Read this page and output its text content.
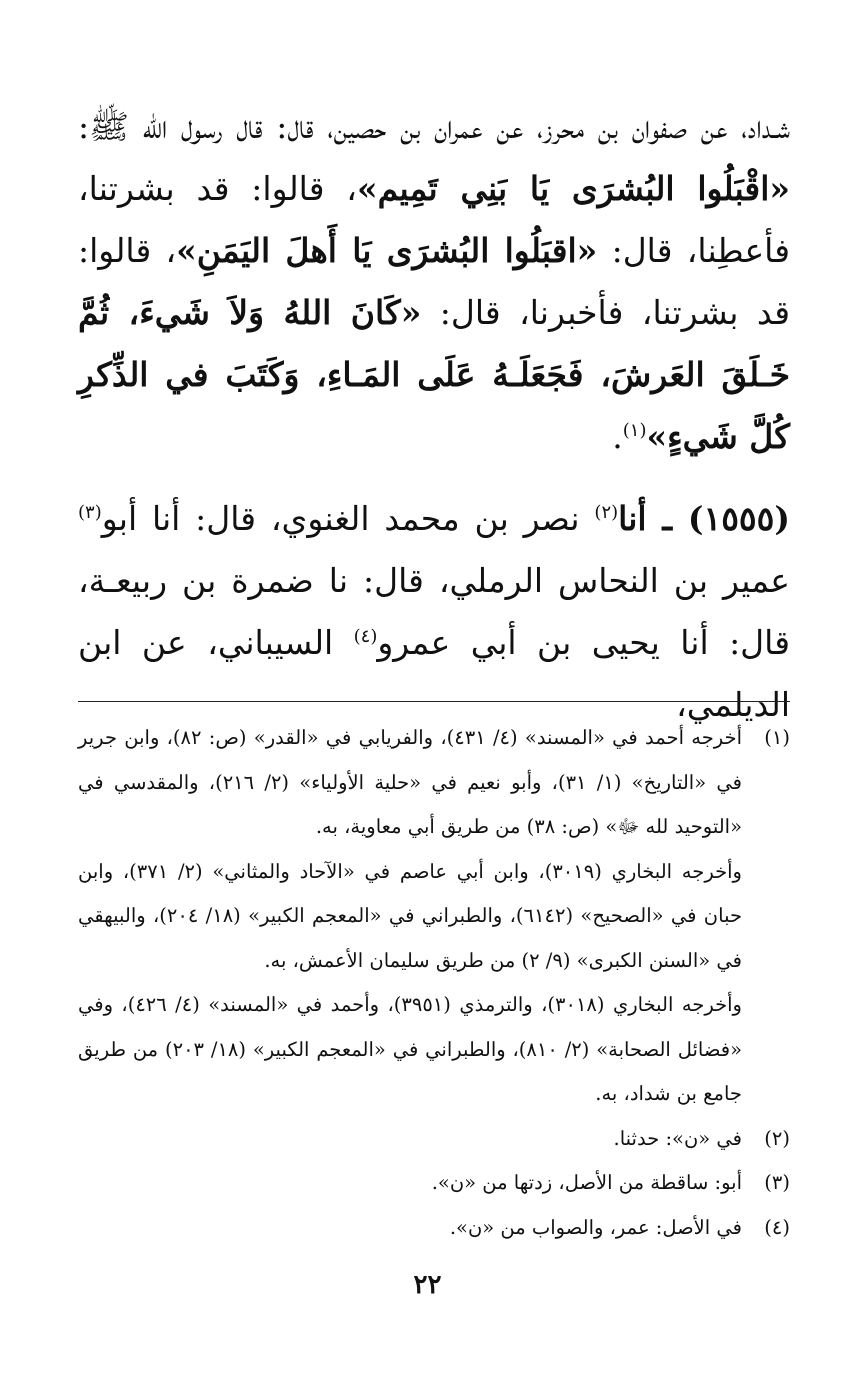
شـداد، عن صفوان بن محرز، عن عمران بن حصين، قال: قال رسول الله ﷺ: «اقْبَلُوا البُشرَى يَا بَنِي تَمِيم»، قالوا: قد بشرتنا، فأعطِنا، قال: «اقبَلُوا البُشرَى يَا أَهلَ اليَمَنِ»، قالوا: قد بشرتنا، فأخبرنا، قال: «كَانَ اللهُ وَلاَ شَيءَ، ثُمَّ خَـلَقَ العَرشَ، فَجَعَلَـهُ عَلَى المَـاءِ، وَكَتَبَ في الذِّكرِ كُلَّ شَيءٍ»$^{(١)}$.

(١٥٥٥) ـ أنا$^{(٢)}$ نصر بن محمد الغنوي، قال: أنا أبو$^{(٣)}$ عمير بن النحاس الرملي، قال: نا ضمرة بن ربيعـة، قال: أنا يحيى بن أبي عمرو$^{(٤)}$ السيباني، عن ابن الديلمي،

(١)

أخرجه أحمد في «المسند» (٤/ ٤٣١)، والفريابي في «القدر» (ص: ٨٢)، وابن جرير في «التاريخ» (١/ ٣١)، وأبو نعيم في «حلية الأولياء» (٢/ ٢١٦)، والمقدسي في «التوحيد لله ﷻ» (ص: ٣٨) من طريق أبي معاوية، به.

وأخرجه البخاري (٣٠١٩)، وابن أبي عاصم في «الآحاد والمثاني» (٢/ ٣٧١)، وابن حبان في «الصحيح» (٦١٤٢)، والطبراني في «المعجم الكبير» (١٨/ ٢٠٤)، والبيهقي في «السنن الكبرى» (٩/ ٢) من طريق سليمان الأعمش، به.

وأخرجه البخاري (٣٠١٨)، والترمذي (٣٩٥١)، وأحمد في «المسند» (٤/ ٤٢٦)، وفي «فضائل الصحابة» (٢/ ٨١٠)، والطبراني في «المعجم الكبير» (١٨/ ٢٠٣) من طريق جامع بن شداد، به.

(٢)

في «ن»: حدثنا.

(٣)

أبو: ساقطة من الأصل، زدتها من «ن».

(٤)

في الأصل: عمر، والصواب من «ن».

٢٢
